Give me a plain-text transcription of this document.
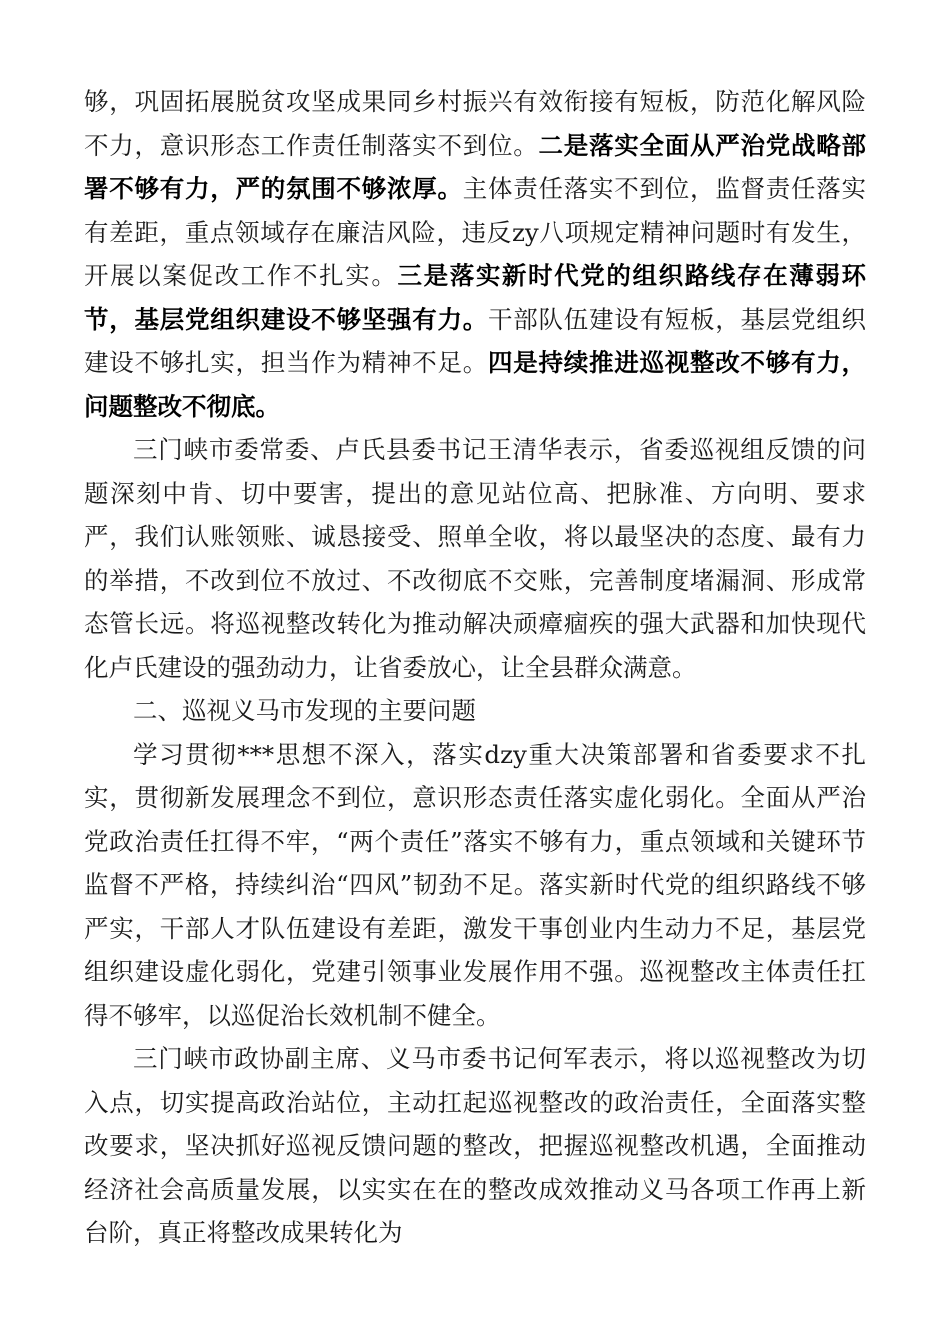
够，巩固拓展脱贫攻坚成果同乡村振兴有效衔接有短板，防范化解风险不力，意识形态工作责任制落实不到位。二是落实全面从严治党战略部署不够有力，严的氛围不够浓厚。主体责任落实不到位，监督责任落实有差距，重点领域存在廉洁风险，违反zy八项规定精神问题时有发生，开展以案促改工作不扎实。三是落实新时代党的组织路线存在薄弱环节，基层党组织建设不够坚强有力。干部队伍建设有短板，基层党组织建设不够扎实，担当作为精神不足。四是持续推进巡视整改不够有力，问题整改不彻底。

三门峡市委常委、卢氏县委书记王清华表示，省委巡视组反馈的问题深刻中肯、切中要害，提出的意见站位高、把脉准、方向明、要求严，我们认账领账、诚恳接受、照单全收，将以最坚决的态度、最有力的举措，不改到位不放过、不改彻底不交账，完善制度堵漏洞、形成常态管长远。将巡视整改转化为推动解决顽瘴痼疾的强大武器和加快现代化卢氏建设的强劲动力，让省委放心，让全县群众满意。

二、巡视义马市发现的主要问题

学习贯彻***思想不深入，落实dzy重大决策部署和省委要求不扎实，贯彻新发展理念不到位，意识形态责任落实虚化弱化。全面从严治党政治责任扛得不牢，“两个责任”落实不够有力，重点领域和关键环节监督不严格，持续纠治“四风”韧劲不足。落实新时代党的组织路线不够严实，干部人才队伍建设有差距，激发干事创业内生动力不足，基层党组织建设虚化弱化，党建引领事业发展作用不强。巡视整改主体责任扛得不够牢，以巡促治长效机制不健全。

三门峡市政协副主席、义马市委书记何军表示，将以巡视整改为切入点，切实提高政治站位，主动扛起巡视整改的政治责任，全面落实整改要求，坚决抓好巡视反馈问题的整改，把握巡视整改机遇，全面推动经济社会高质量发展，以实实在在的整改成效推动义马各项工作再上新台阶，真正将整改成果转化为
